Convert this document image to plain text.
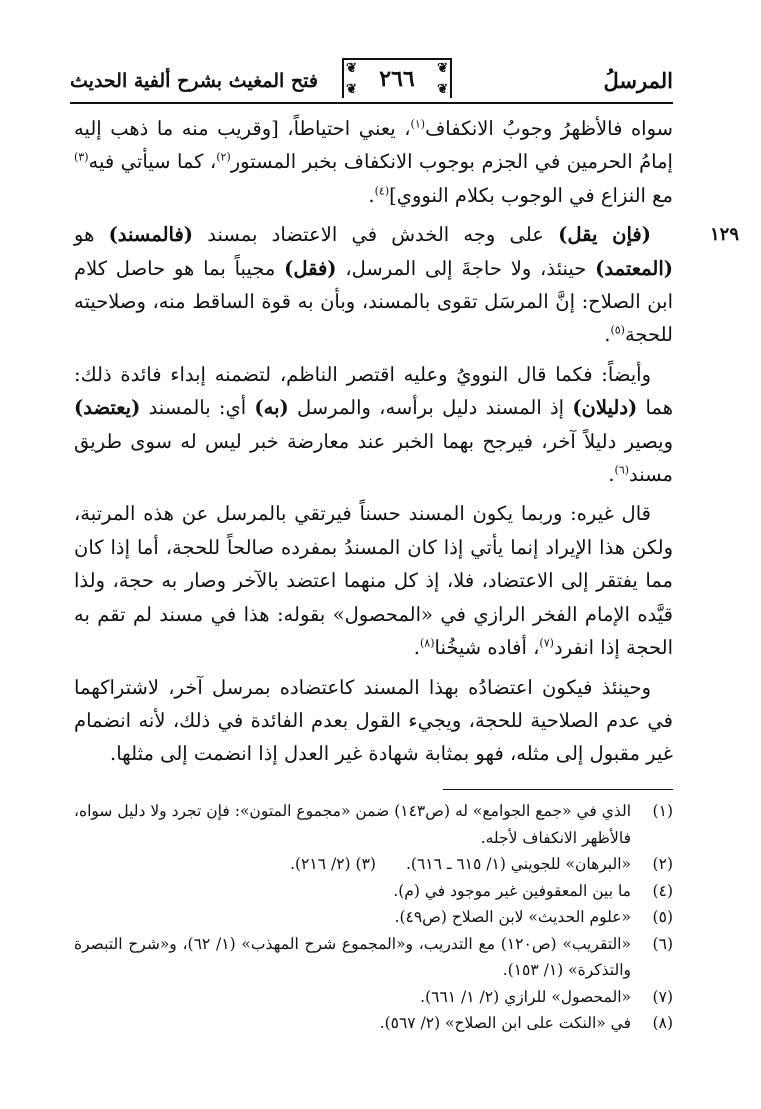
المرسلُ
❦	❦
❦	❦
٢٦٦
فتح المغيث بشرح ألفية الحديث

سواه فالأظهرُ وجوبُ الانكفاف$^{(١)}$، يعني احتياطاً، [وقريب منه ما ذهب إليه إمامُ الحرمين في الجزم بوجوب الانكفاف بخبر المستور$^{(٢)}$، كما سيأتي فيه$^{(٣)}$ مع النزاع في الوجوب بكلام النووي]$^{(٤)}$.

١٢٩
(فإن يقل) على وجه الخدش في الاعتضاد بمسند (فالمسند) هو (المعتمد) حينئذ، ولا حاجةَ إلى المرسل، (فقل) مجيباً بما هو حاصل كلام ابن الصلاح: إنَّ المرسَل تقوى بالمسند، وبأن به قوة الساقط منه، وصلاحيته للحجة$^{(٥)}$.

وأيضاً: فكما قال النوويُ وعليه اقتصر الناظم، لتضمنه إبداء فائدة ذلك: هما (دليلان) إذ المسند دليل برأسه، والمرسل (به) أي: بالمسند (يعتضد) ويصير دليلاً آخر، فيرجح بهما الخبر عند معارضة خبر ليس له سوى طريق مسند$^{(٦)}$.

قال غيره: وربما يكون المسند حسناً فيرتقي بالمرسل عن هذه المرتبة، ولكن هذا الإيراد إنما يأتي إذا كان المسندُ بمفرده صالحاً للحجة، أما إذا كان مما يفتقر إلى الاعتضاد، فلا، إذ كل منهما اعتضد بالآخر وصار به حجة، ولذا قيَّده الإمام الفخر الرازي في «المحصول» بقوله: هذا في مسند لم تقم به الحجة إذا انفرد$^{(٧)}$، أفاده شيخُنا$^{(٨)}$.

وحينئذ فيكون اعتضادُه بهذا المسند كاعتضاده بمرسل آخر، لاشتراكهما في عدم الصلاحية للحجة، ويجيء القول بعدم الفائدة في ذلك، لأنه انضمام غير مقبول إلى مثله، فهو بمثابة شهادة غير العدل إذا انضمت إلى مثلها.

(١)
الذي في «جمع الجوامع» له (ص١٤٣) ضمن «مجموع المتون»: فإن تجرد ولا دليل سواه، فالأظهر الانكفاف لأجله.

(٢)
«البرهان» للجويني (١/ ٦١٥ ـ ٦١٦).(٣) (٢/ ٢١٦).

(٤)
ما بين المعقوفين غير موجود في (م).

(٥)
«علوم الحديث» لابن الصلاح (ص٤٩).

(٦)
«التقريب» (ص١٢٠) مع التدريب، و«المجموع شرح المهذب» (١/ ٦٢)، و«شرح التبصرة والتذكرة» (١/ ١٥٣).

(٧)
«المحصول» للرازي (٢/ ١/ ٦٦١).

(٨)
في «النكت على ابن الصلاح» (٢/ ٥٦٧).
